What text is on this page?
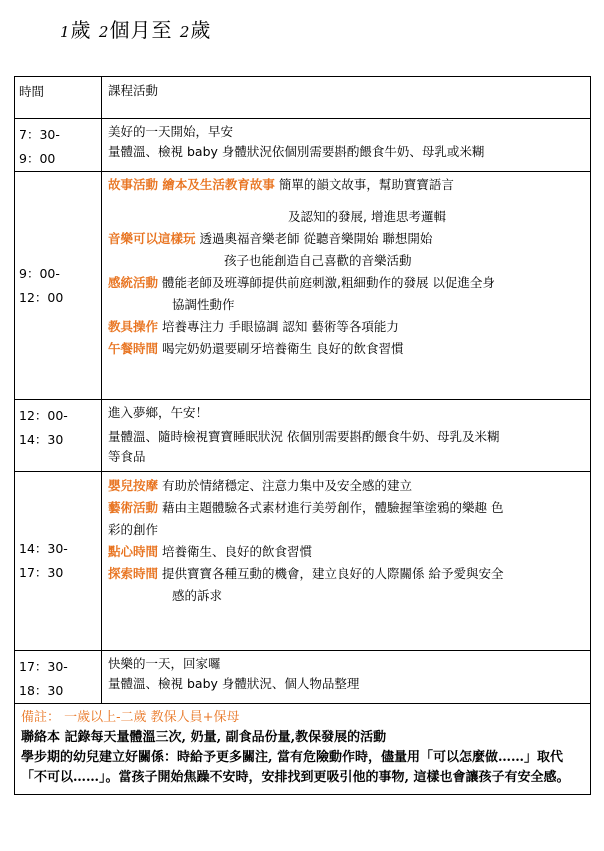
1歲 2個月至 2歲
時間	課程活動
7：30-
9：00
美好的一天開始，早安
量體溫、檢視 baby 身體狀況依個別需要斟酌餵食牛奶、母乳或米糊
9：00-
12：00
故事活動 繪本及生活教育故事 簡單的韻文故事，幫助寶寶語言
及認知的發展, 增進思考邏輯
音樂可以這樣玩 透過奧福音樂老師 從聽音樂開始 聯想開始
孩子也能創造自己喜歡的音樂活動
感統活動 體能老師及班導師提供前庭刺激,粗細動作的發展 以促進全身
協調性動作
教具操作 培養專注力 手眼協調 認知 藝術等各項能力
午餐時間 喝完奶奶還要刷牙培養衛生 良好的飲食習慣
12：00-
14：30
進入夢鄉，午安！
量體溫、隨時檢視寶寶睡眠狀況 依個別需要斟酌餵食牛奶、母乳及米糊
等食品
14：30-
17：30
嬰兒按摩 有助於情緒穩定、注意力集中及安全感的建立
藝術活動 藉由主題體驗各式素材進行美勞創作，體驗握筆塗鴉的樂趣 色
彩的創作
點心時間 培養衛生、良好的飲食習慣
探索時間 提供寶寶各種互動的機會，建立良好的人際關係 給予愛與安全
感的訴求
17：30-
18：30
快樂的一天，回家囉
量體溫、檢視 baby 身體狀況、個人物品整理
備註： 一歲以上-二歲 教保人員+保母
聯絡本 記錄每天量體溫三次, 奶量, 副食品份量,教保發展的活動
學步期的幼兒建立好關係：時給予更多關注, 當有危險動作時，儘量用「可以怎麼做……」取代「不可以……」。當孩子開始焦躁不安時，安排找到更吸引他的事物, 這樣也會讓孩子有安全感。
